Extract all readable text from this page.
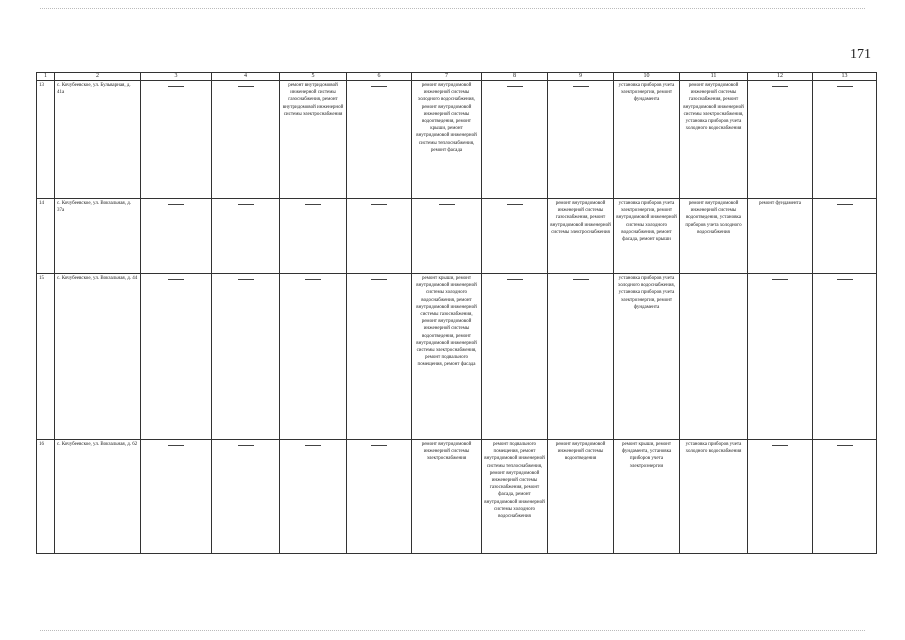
171
1	2	3	4	5	6	7	8	9	10	11	12	13
13	с. Кочубеевское, ул. Бульварная, д. 41а			ремонт внутридомовой инженерной системы газоснабжения, ремонт внутридомовой инженерной системы электроснабжения		ремонт внутридомовой инженерной системы холодного водоснабжения, ремонт внутридомовой инженерной системы водоотведения, ремонт крыши, ремонт внутридомовой инженерной системы теплоснабжения, ремонт фасада			установка приборов учета электроэнергии, ремонт фундамента	ремонт внутридомовой инженерной системы газоснабжения, ремонт внутридомовой инженерной системы электроснабжения, установка приборов учета холодного водоснабжения		
14	с. Кочубеевское, ул. Вокзальная, д. 37а							ремонт внутридомовой инженерной системы газоснабжения, ремонт внутридомовой инженерной системы электроснабжения	установка приборов учета электроэнергии, ремонт внутридомовой инженерной системы холодного водоснабжения, ремонт фасада, ремонт крыши	ремонт внутридомовой инженерной системы водоотведения, установка приборов учета холодного водоснабжения	ремонт фундамента	
15	с. Кочубеевское, ул. Вокзальная, д. 44					ремонт крыши, ремонт внутридомовой инженерной системы холодного водоснабжения, ремонт внутридомовой инженерной системы газоснабжения, ремонт внутридомовой инженерной системы водоотведения, ремонт внутридомовой инженерной системы электроснабжения, ремонт подвального помещения, ремонт фасада			установка приборов учета холодного водоснабжения, установка приборов учета электроэнергии, ремонт фундамента			
16	с. Кочубеевское, ул. Вокзальная, д. 62					ремонт внутридомовой инженерной системы электроснабжения	ремонт подвального помещения, ремонт внутридомовой инженерной системы теплоснабжения, ремонт внутридомовой инженерной системы газоснабжения, ремонт фасада, ремонт внутридомовой инженерной системы холодного водоснабжения	ремонт внутридомовой инженерной системы водоотведения	ремонт крыши, ремонт фундамента, установка приборов учета электроэнергии	установка приборов учета холодного водоснабжения		
